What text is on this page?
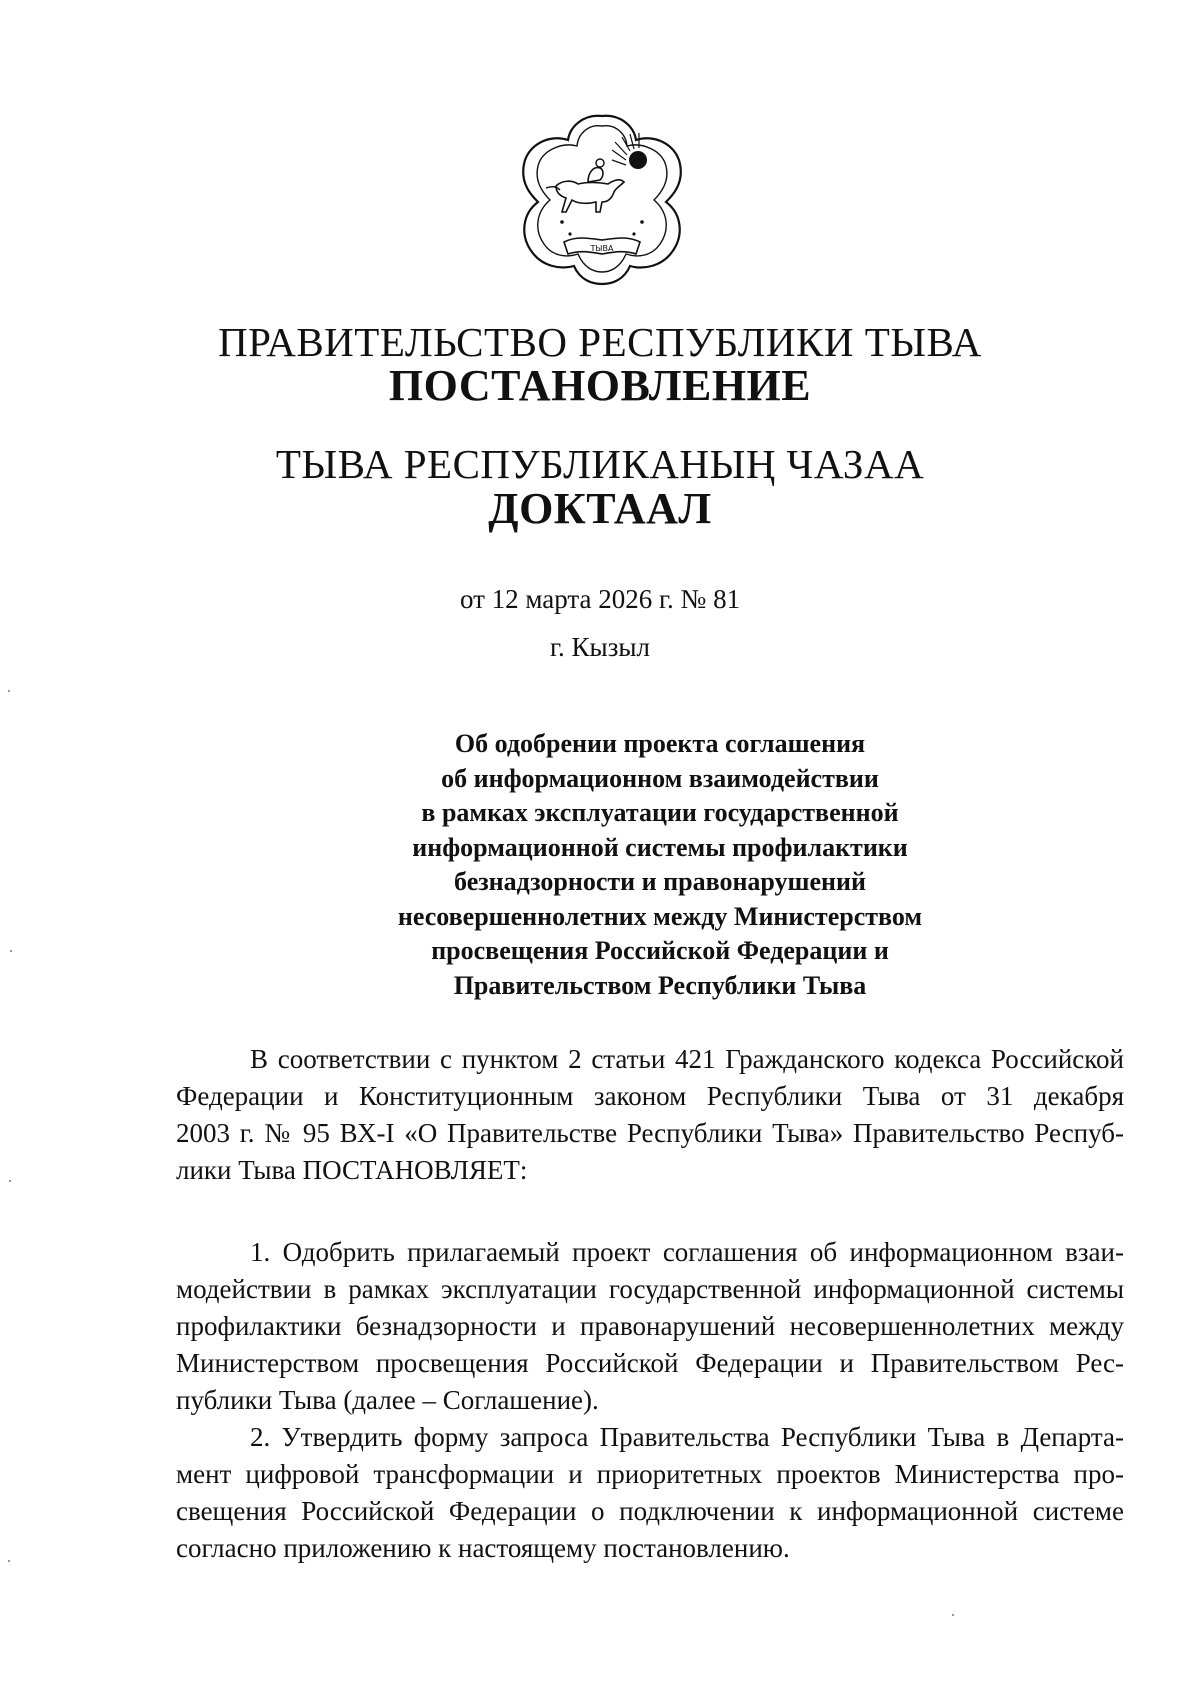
ТЫВА
ПРАВИТЕЛЬСТВО РЕСПУБЛИКИ ТЫВА
ПОСТАНОВЛЕНИЕ
ТЫВА РЕСПУБЛИКАНЫҢ ЧАЗАА
ДОКТААЛ
от 12 марта 2026 г. № 81
г. Кызыл
Об одобрении проекта соглашения
об информационном взаимодействии
в рамках эксплуатации государственной
информационной системы профилактики
безнадзорности и правонарушений
несовершеннолетних между Министерством
просвещения Российской Федерации и
Правительством Республики Тыва
В соответствии с пунктом 2 статьи 421 Гражданского кодекса Российской
Федерации и Конституционным законом Республики Тыва от 31 декабря
2003 г. № 95 ВХ-I «О Правительстве Республики Тыва» Правительство Респуб-
лики Тыва ПОСТАНОВЛЯЕТ:
1. Одобрить прилагаемый проект соглашения об информационном взаи-
модействии в рамках эксплуатации государственной информационной системы
профилактики безнадзорности и правонарушений несовершеннолетних между
Министерством просвещения Российской Федерации и Правительством Рес-
публики Тыва (далее – Соглашение).
2. Утвердить форму запроса Правительства Республики Тыва в Департа-
мент цифровой трансформации и приоритетных проектов Министерства про-
свещения Российской Федерации о подключении к информационной системе
согласно приложению к настоящему постановлению.
